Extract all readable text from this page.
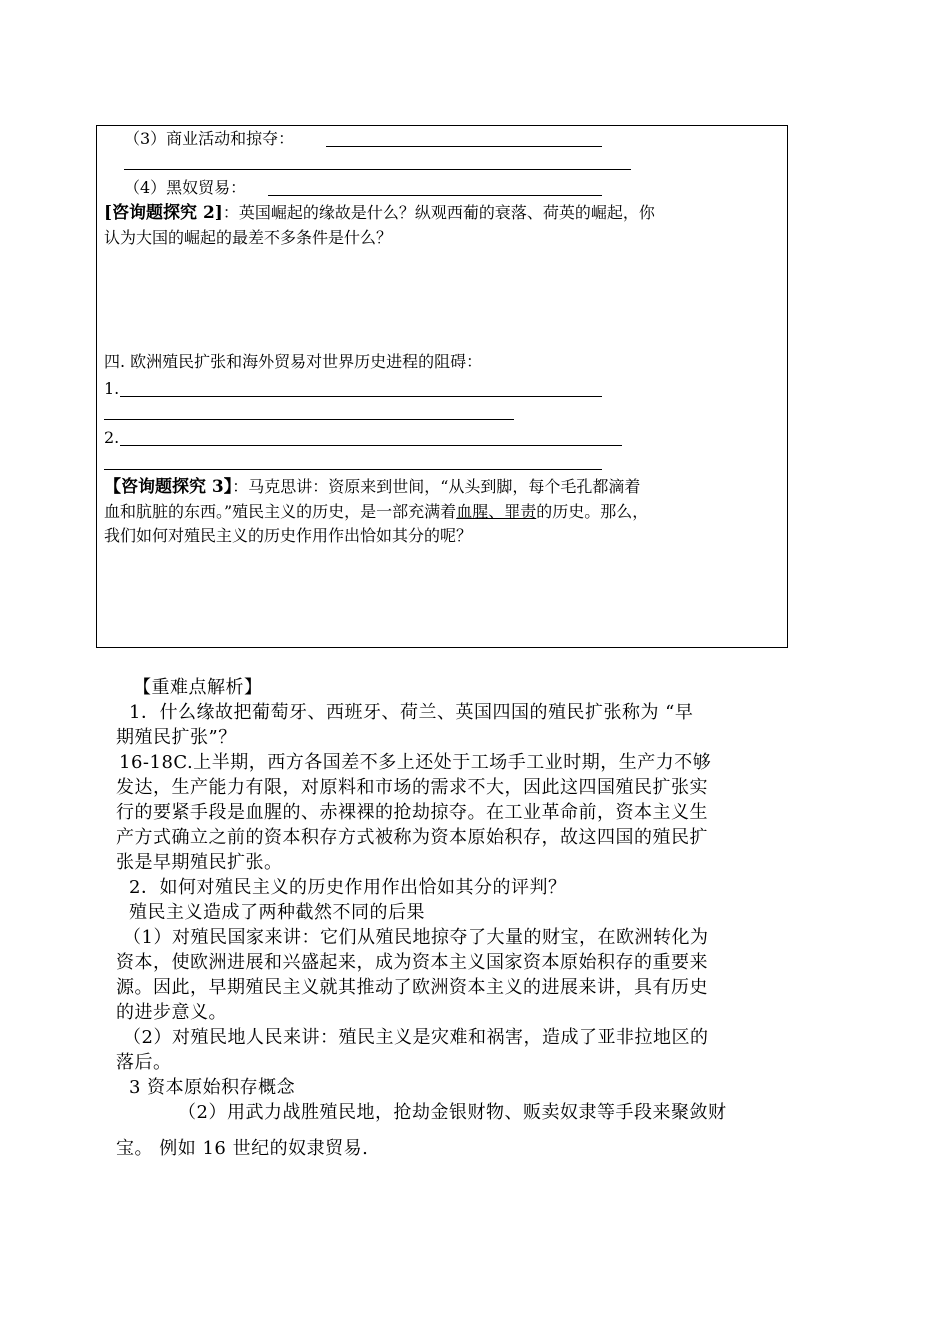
（3）商业活动和掠夺：
（4）黑奴贸易：
[咨询题探究 2]：英国崛起的缘故是什么？纵观西葡的衰落、荷英的崛起，你
认为大国的崛起的最差不多条件是什么？
四. 欧洲殖民扩张和海外贸易对世界历史进程的阻碍：
1.
2.
【咨询题探究 3】：马克思讲：资原来到世间，“从头到脚，每个毛孔都滴着
血和肮脏的东西。”殖民主义的历史，是一部充满着血腥、罪责的历史。那么，
我们如何对殖民主义的历史作用作出恰如其分的呢？
【重难点解析】
1．什么缘故把葡萄牙、西班牙、荷兰、英国四国的殖民扩张称为 “早
期殖民扩张”？
16-18C.上半期，西方各国差不多上还处于工场手工业时期，生产力不够
发达，生产能力有限，对原料和市场的需求不大，因此这四国殖民扩张实
行的要紧手段是血腥的、赤裸裸的抢劫掠夺。在工业革命前，资本主义生
产方式确立之前的资本积存方式被称为资本原始积存，故这四国的殖民扩
张是早期殖民扩张。
2．如何对殖民主义的历史作用作出恰如其分的评判？
殖民主义造成了两种截然不同的后果
（1）对殖民国家来讲：它们从殖民地掠夺了大量的财宝，在欧洲转化为
资本，使欧洲进展和兴盛起来，成为资本主义国家资本原始积存的重要来
源。因此，早期殖民主义就其推动了欧洲资本主义的进展来讲，具有历史
的进步意义。
（2）对殖民地人民来讲：殖民主义是灾难和祸害，造成了亚非拉地区的
落后。
3 资本原始积存概念
（2）用武力战胜殖民地，抢劫金银财物、贩卖奴隶等手段来聚敛财
宝。 例如 16 世纪的奴隶贸易.
